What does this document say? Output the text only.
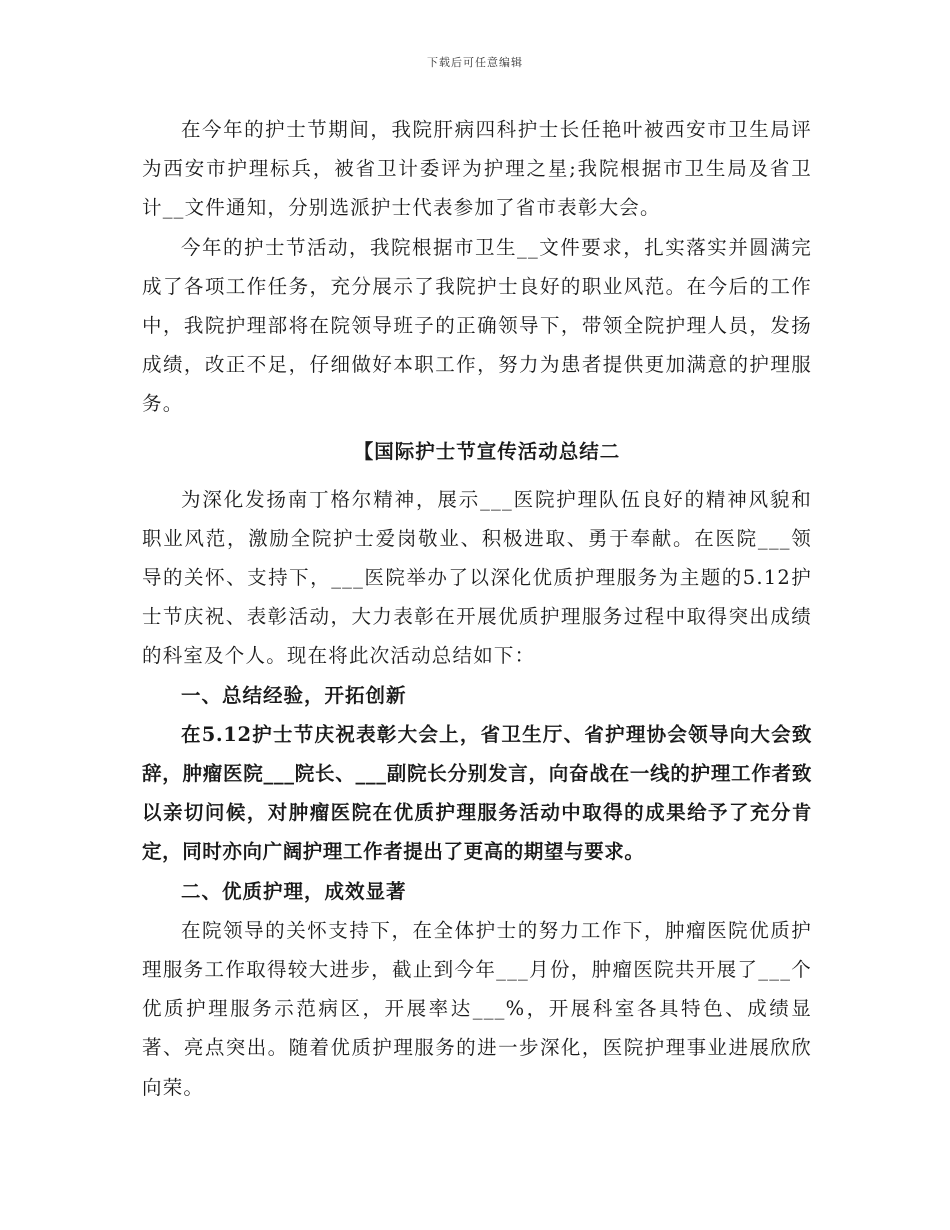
下载后可任意编辑

在今年的护士节期间，我院肝病四科护士长任艳叶被西安市卫生局评为西安市护理标兵，被省卫计委评为护理之星;我院根据市卫生局及省卫计__文件通知，分别选派护士代表参加了省市表彰大会。

今年的护士节活动，我院根据市卫生__文件要求，扎实落实并圆满完成了各项工作任务，充分展示了我院护士良好的职业风范。在今后的工作中，我院护理部将在院领导班子的正确领导下，带领全院护理人员，发扬成绩，改正不足，仔细做好本职工作，努力为患者提供更加满意的护理服务。

【国际护士节宣传活动总结二

为深化发扬南丁格尔精神，展示___医院护理队伍良好的精神风貌和职业风范，激励全院护士爱岗敬业、积极进取、勇于奉献。在医院___领导的关怀、支持下，___医院举办了以深化优质护理服务为主题的5.12护士节庆祝、表彰活动，大力表彰在开展优质护理服务过程中取得突出成绩的科室及个人。现在将此次活动总结如下：

一、总结经验，开拓创新

在5.12护士节庆祝表彰大会上，省卫生厅、省护理协会领导向大会致辞，肿瘤医院___院长、___副院长分别发言，向奋战在一线的护理工作者致以亲切问候，对肿瘤医院在优质护理服务活动中取得的成果给予了充分肯定，同时亦向广阔护理工作者提出了更高的期望与要求。

二、优质护理，成效显著

在院领导的关怀支持下，在全体护士的努力工作下，肿瘤医院优质护理服务工作取得较大进步，截止到今年___月份，肿瘤医院共开展了___个优质护理服务示范病区，开展率达___%，开展科室各具特色、成绩显著、亮点突出。随着优质护理服务的进一步深化，医院护理事业进展欣欣向荣。
